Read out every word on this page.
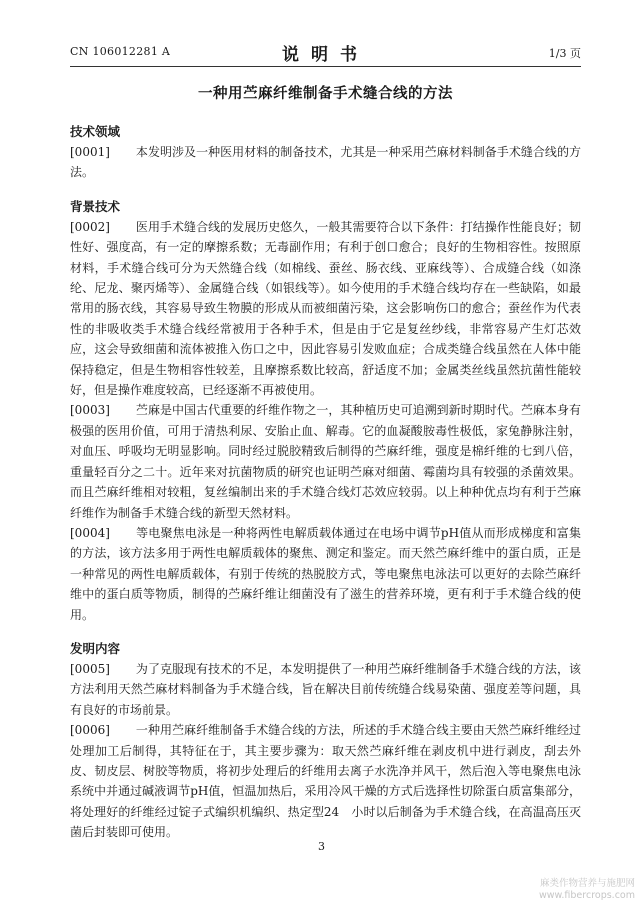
CN 106012281 A	说明书	1/3 页
一种用苎麻纤维制备手术缝合线的方法
技术领域

[0001] 本发明涉及一种医用材料的制备技术，尤其是一种采用苎麻材料制备手术缝合线的方法。

背景技术

[0002] 医用手术缝合线的发展历史悠久，一般其需要符合以下条件：打结操作性能良好；韧性好、强度高，有一定的摩擦系数；无毒副作用；有利于创口愈合；良好的生物相容性。按照原材料，手术缝合线可分为天然缝合线（如棉线、蚕丝、肠衣线、亚麻线等）、合成缝合线（如涤纶、尼龙、聚丙烯等）、金属缝合线（如银线等）。如今使用的手术缝合线均存在一些缺陷，如最常用的肠衣线，其容易导致生物膜的形成从而被细菌污染，这会影响伤口的愈合；蚕丝作为代表性的非吸收类手术缝合线经常被用于各种手术，但是由于它是复丝纱线，非常容易产生灯芯效应，这会导致细菌和流体被推入伤口之中，因此容易引发败血症；合成类缝合线虽然在人体中能保持稳定，但是生物相容性较差，且摩擦系数比较高，舒适度不加；金属类丝线虽然抗菌性能较好，但是操作难度较高，已经逐渐不再被使用。

[0003] 苎麻是中国古代重要的纤维作物之一，其种植历史可追溯到新时期时代。苎麻本身有极强的医用价值，可用于清热利尿、安胎止血、解毒。它的血凝酸胺毒性极低，家兔静脉注射，对血压、呼吸均无明显影响。同时经过脱胶精致后制得的苎麻纤维，强度是棉纤维的七到八倍，重量轻百分之二十。近年来对抗菌物质的研究也证明苎麻对细菌、霉菌均具有较强的杀菌效果。而且苎麻纤维相对较粗，复丝编制出来的手术缝合线灯芯效应较弱。以上种种优点均有利于苎麻纤维作为制备手术缝合线的新型天然材料。

[0004] 等电聚焦电泳是一种将两性电解质载体通过在电场中调节pH值从而形成梯度和富集的方法，该方法多用于两性电解质载体的聚焦、测定和鉴定。而天然苎麻纤维中的蛋白质，正是一种常见的两性电解质载体，有别于传统的热脱胶方式，等电聚焦电泳法可以更好的去除苎麻纤维中的蛋白质等物质，制得的苎麻纤维让细菌没有了滋生的营养环境，更有利于手术缝合线的使用。

发明内容

[0005] 为了克服现有技术的不足，本发明提供了一种用苎麻纤维制备手术缝合线的方法，该方法利用天然苎麻材料制备为手术缝合线，旨在解决目前传统缝合线易染菌、强度差等问题，具有良好的市场前景。

[0006] 一种用苎麻纤维制备手术缝合线的方法，所述的手术缝合线主要由天然苎麻纤维经过处理加工后制得，其特征在于，其主要步骤为：取天然苎麻纤维在剥皮机中进行剥皮，刮去外皮、韧皮层、树胶等物质，将初步处理后的纤维用去离子水洗净并风干，然后泡入等电聚焦电泳系统中并通过碱液调节pH值，恒温加热后，采用冷风干燥的方式后选择性切除蛋白质富集部分，将处理好的纤维经过锭子式编织机编织、热定型24　小时以后制备为手术缝合线，在高温高压灭菌后封装即可使用。

3
麻类作物营养与施肥网
www.fibercrops.com
